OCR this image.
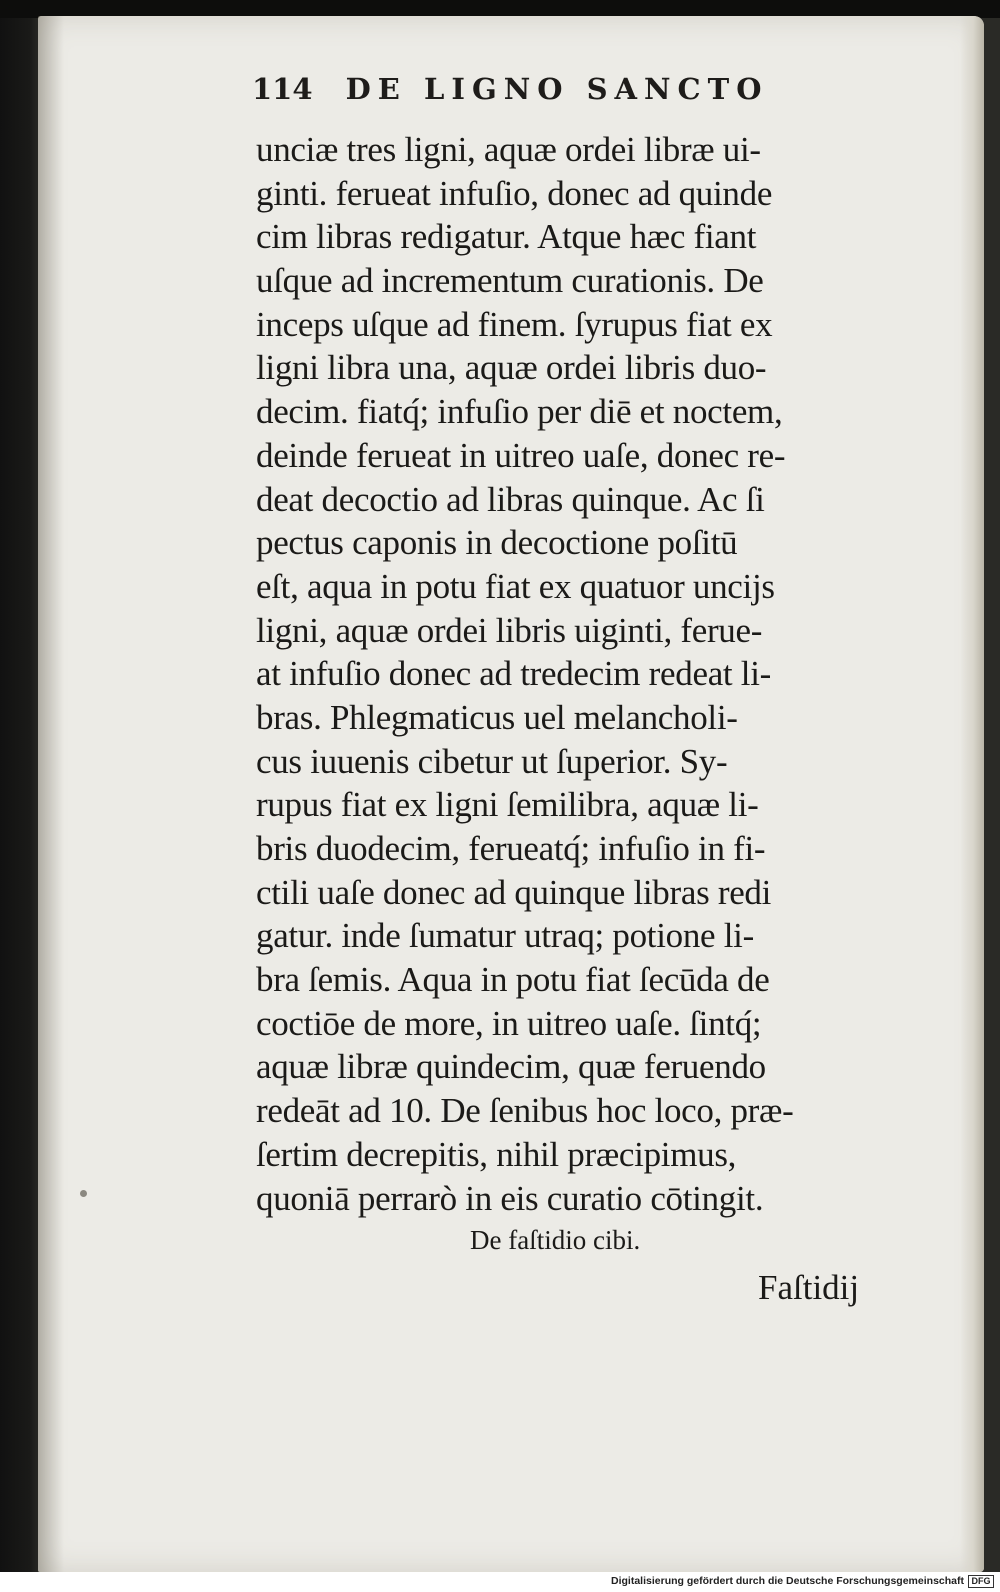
114 DE LIGNO SANCTO
unciæ tres ligni, aquæ ordei libræ ui-
ginti. ferueat infuſio, donec ad quinde
cim libras redigatur. Atque hæc fiant
uſque ad incrementum curationis. De
inceps uſque ad finem. ſyrupus fiat ex
ligni libra una, aquæ ordei libris duo-
decim. fiatq́; infuſio per diē et noctem,
deinde ferueat in uitreo uaſe, donec re-
deat decoctio ad libras quinque. Ac ſi
pectus caponis in decoctione poſitū
eſt, aqua in potu fiat ex quatuor uncijs
ligni, aquæ ordei libris uiginti, ferue-
at infuſio donec ad tredecim redeat li-
bras. Phlegmaticus uel melancholi-
cus iuuenis cibetur ut ſuperior. Sy-
rupus fiat ex ligni ſemilibra, aquæ li-
bris duodecim, ferueatq́; infuſio in fi-
ctili uaſe donec ad quinque libras redi
gatur. inde ſumatur utraq; potione li-
bra ſemis. Aqua in potu fiat ſecūda de
coctiōe de more, in uitreo uaſe. ſintq́;
aquæ libræ quindecim, quæ feruendo
redeāt ad 10. De ſenibus hoc loco, præ-
ſertim decrepitis, nihil præcipimus,
quoniā perrarò in eis curatio cōtingit.
De faſtidio cibi.
Faſtidij
Digitalisierung gefördert durch die Deutsche Forschungsgemeinschaft DFG
